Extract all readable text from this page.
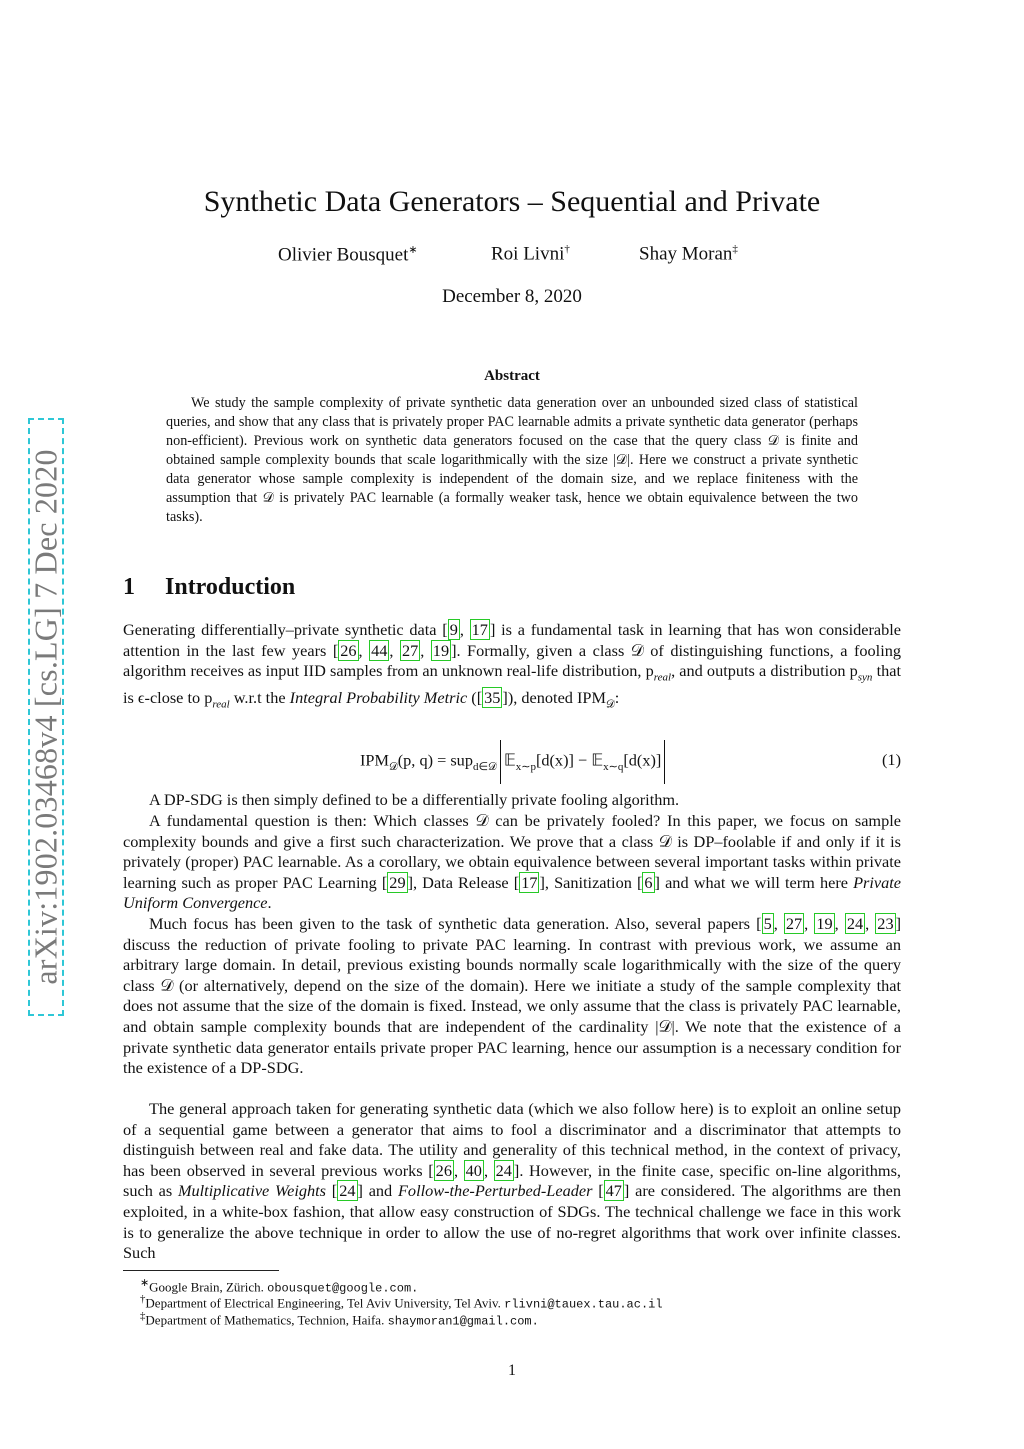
arXiv:1902.03468v4 [cs.LG] 7 Dec 2020
Synthetic Data Generators – Sequential and Private
Olivier Bousquet∗	Roi Livni†	Shay Moran‡
December 8, 2020
Abstract
We study the sample complexity of private synthetic data generation over an unbounded sized class of statistical queries, and show that any class that is privately proper PAC learnable admits a private synthetic data generator (perhaps non-efficient). Previous work on synthetic data generators focused on the case that the query class 𝒟 is finite and obtained sample complexity bounds that scale logarithmically with the size |𝒟|. Here we construct a private synthetic data generator whose sample complexity is independent of the domain size, and we replace finiteness with the assumption that 𝒟 is privately PAC learnable (a formally weaker task, hence we obtain equivalence between the two tasks).
1 Introduction
Generating differentially–private synthetic data [ 9 , 17 ] is a fundamental task in learning that has won considerable attention in the last few years [ 26 , 44 , 27 , 19 ]. Formally, given a class 𝒟 of distinguishing functions, a fooling algorithm receives as input IID samples from an unknown real-life distribution, $p_{real}$, and outputs a distribution $p_{syn}$ that is ϵ-close to $p_{real}$ w.r.t the Integral Probability Metric ([ 35 ]), denoted $IPM_𝒟$:
$IPM_𝒟(p$, q) = sup$_{d\in 𝒟}$ 𝔼$_{x\sim p}$[d(x)] − 𝔼$_{x\sim q}$[d(x)]	(1)
A DP-SDG is then simply defined to be a differentially private fooling algorithm.
A fundamental question is then: Which classes 𝒟 can be privately fooled? In this paper, we focus on sample complexity bounds and give a first such characterization. We prove that a class 𝒟 is DP–foolable if and only if it is privately (proper) PAC learnable. As a corollary, we obtain equivalence between several important tasks within private learning such as proper PAC Learning [ 29 ], Data Release [ 17 ], Sanitization [ 6 ] and what we will term here Private Uniform Convergence.
Much focus has been given to the task of synthetic data generation. Also, several papers [ 5 , 27 , 19 , 24 , 23 ] discuss the reduction of private fooling to private PAC learning. In contrast with previous work, we assume an arbitrary large domain. In detail, previous existing bounds normally scale logarithmically with the size of the query class 𝒟 (or alternatively, depend on the size of the domain). Here we initiate a study of the sample complexity that does not assume that the size of the domain is fixed. Instead, we only assume that the class is privately PAC learnable, and obtain sample complexity bounds that are independent of the cardinality |𝒟|. We note that the existence of a private synthetic data generator entails private proper PAC learning, hence our assumption is a necessary condition for the existence of a DP-SDG.
The general approach taken for generating synthetic data (which we also follow here) is to exploit an online setup of a sequential game between a generator that aims to fool a discriminator and a discriminator that attempts to distinguish between real and fake data. The utility and generality of this technical method, in the context of privacy, has been observed in several previous works [ 26 , 40 , 24 ]. However, in the finite case, specific on-line algorithms, such as Multiplicative Weights [ 24 ] and Follow-the-Perturbed-Leader [ 47 ] are considered. The algorithms are then exploited, in a white-box fashion, that allow easy construction of SDGs. The technical challenge we face in this work is to generalize the above technique in order to allow the use of no-regret algorithms that work over infinite classes. Such
∗Google Brain, Zürich. obousquet@google.com.
†Department of Electrical Engineering, Tel Aviv University, Tel Aviv. rlivni@tauex.tau.ac.il
‡Department of Mathematics, Technion, Haifa. shaymoran1@gmail.com.
1
